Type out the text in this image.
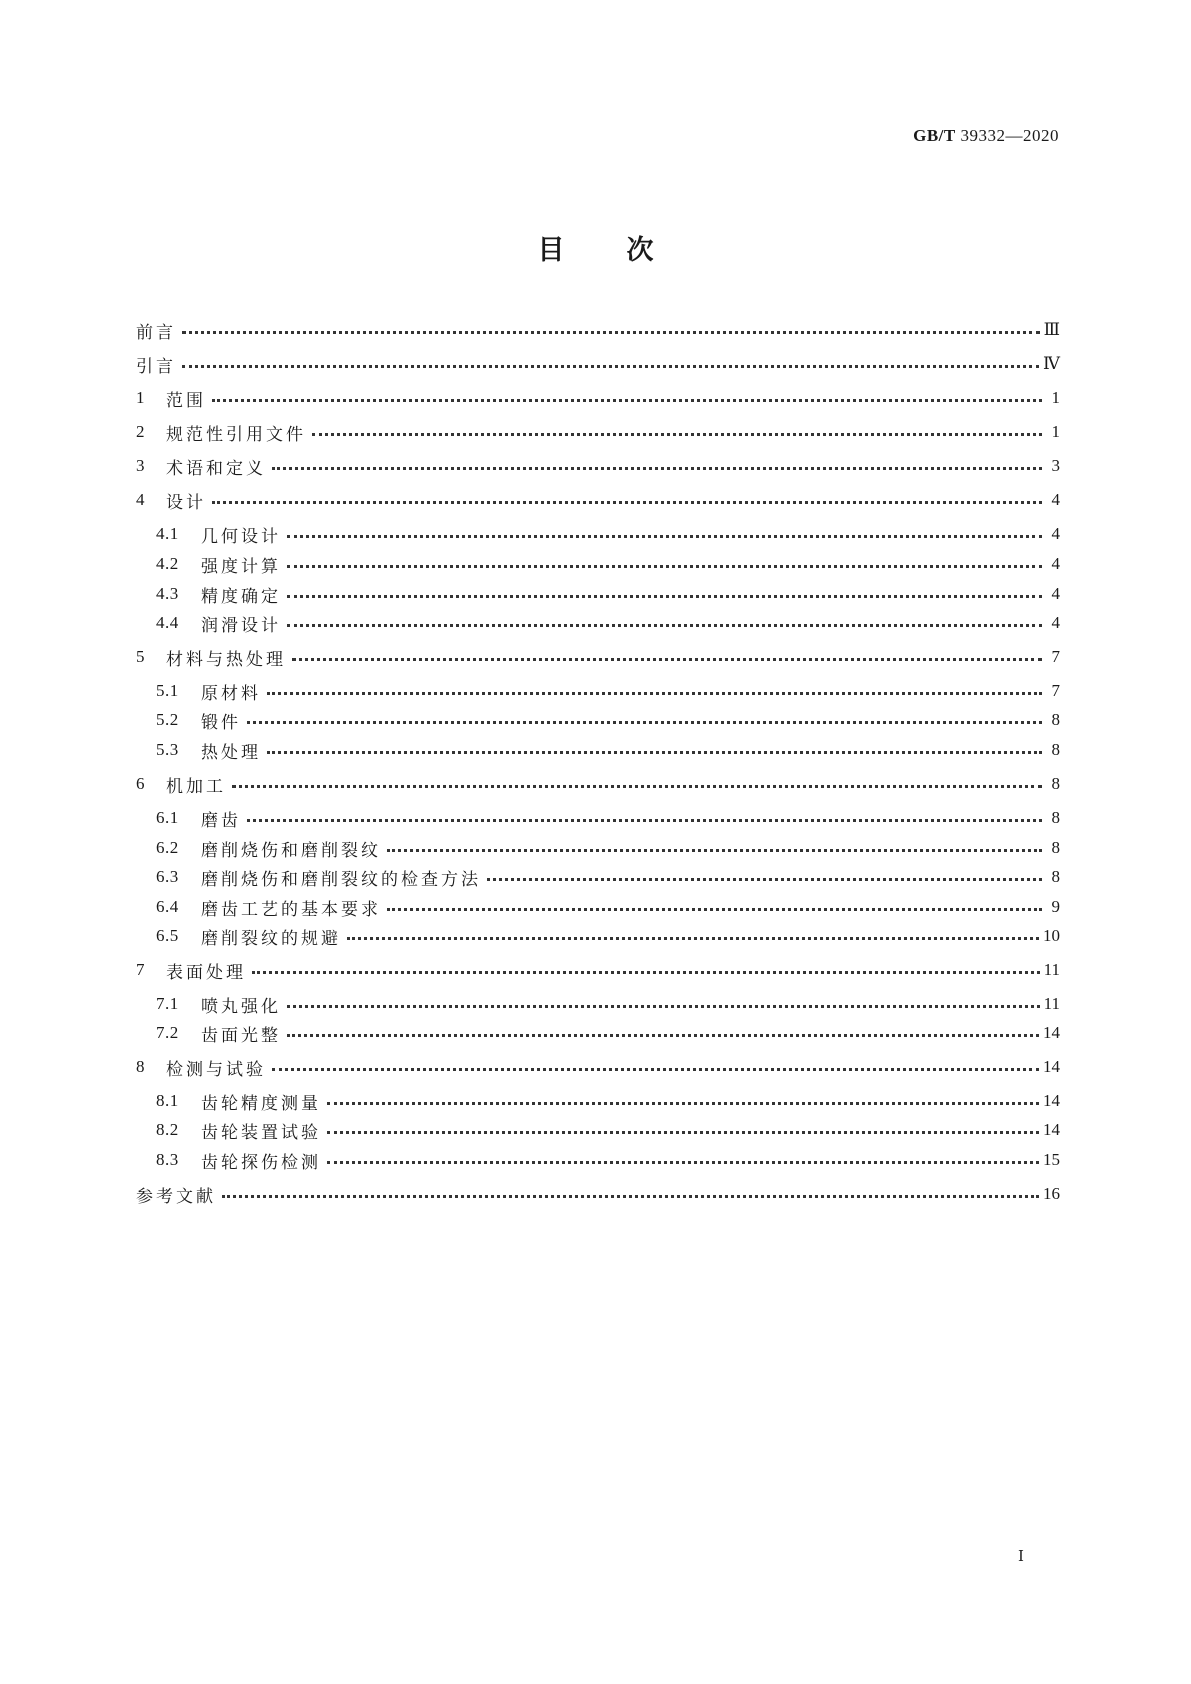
GB/T 39332—2020
目次
前言	Ⅲ
引言	Ⅳ
1	范围	1
2	规范性引用文件	1
3	术语和定义	3
4	设计	4
4.1	几何设计	4
4.2	强度计算	4
4.3	精度确定	4
4.4	润滑设计	4
5	材料与热处理	7
5.1	原材料	7
5.2	锻件	8
5.3	热处理	8
6	机加工	8
6.1	磨齿	8
6.2	磨削烧伤和磨削裂纹	8
6.3	磨削烧伤和磨削裂纹的检查方法	8
6.4	磨齿工艺的基本要求	9
6.5	磨削裂纹的规避	10
7	表面处理	11
7.1	喷丸强化	11
7.2	齿面光整	14
8	检测与试验	14
8.1	齿轮精度测量	14
8.2	齿轮装置试验	14
8.3	齿轮探伤检测	15
参考文献	16
Ⅰ
